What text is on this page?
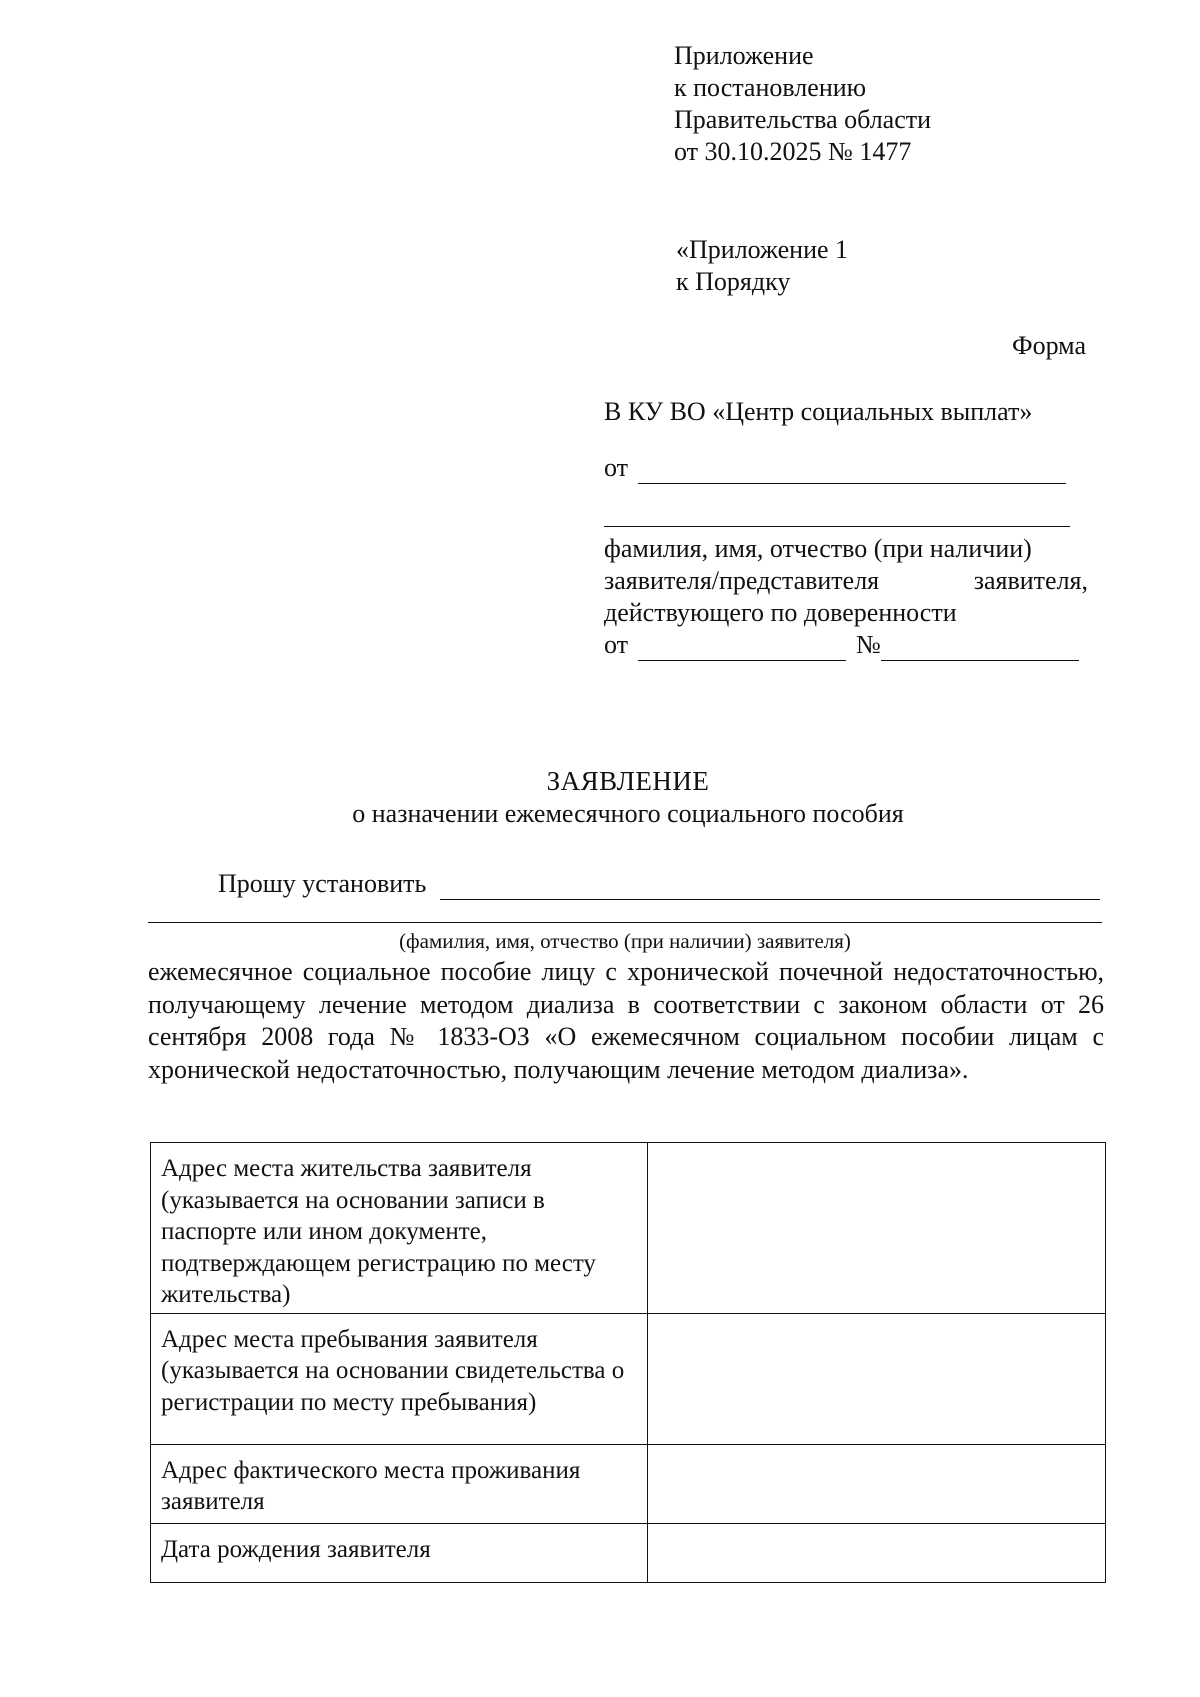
Приложение
к постановлению
Правительства области
от 30.10.2025 № 1477
«Приложение 1
к Порядку
Форма
В КУ ВО «Центр социальных выплат»
от
фамилия, имя, отчество (при наличии)
заявителя/представителя	заявителя,
действующего по доверенности
от	№
ЗАЯВЛЕНИЕ
о назначении ежемесячного социального пособия
Прошу установить
(фамилия, имя, отчество (при наличии) заявителя)
ежемесячное социальное пособие лицу с хронической почечной недостаточностью, получающему лечение методом диализа в соответствии с законом области от 26 сентября 2008 года № 1833-ОЗ «О ежемесячном социальном пособии лицам с хронической недостаточностью, получающим лечение методом диализа».
Адрес места жительства заявителя (указывается на основании записи в паспорте или ином документе, подтверждающем регистрацию по месту жительства)	
Адрес места пребывания заявителя (указывается на основании свидетельства о регистрации по месту пребывания)	
Адрес фактического места проживания заявителя	
Дата рождения заявителя	
